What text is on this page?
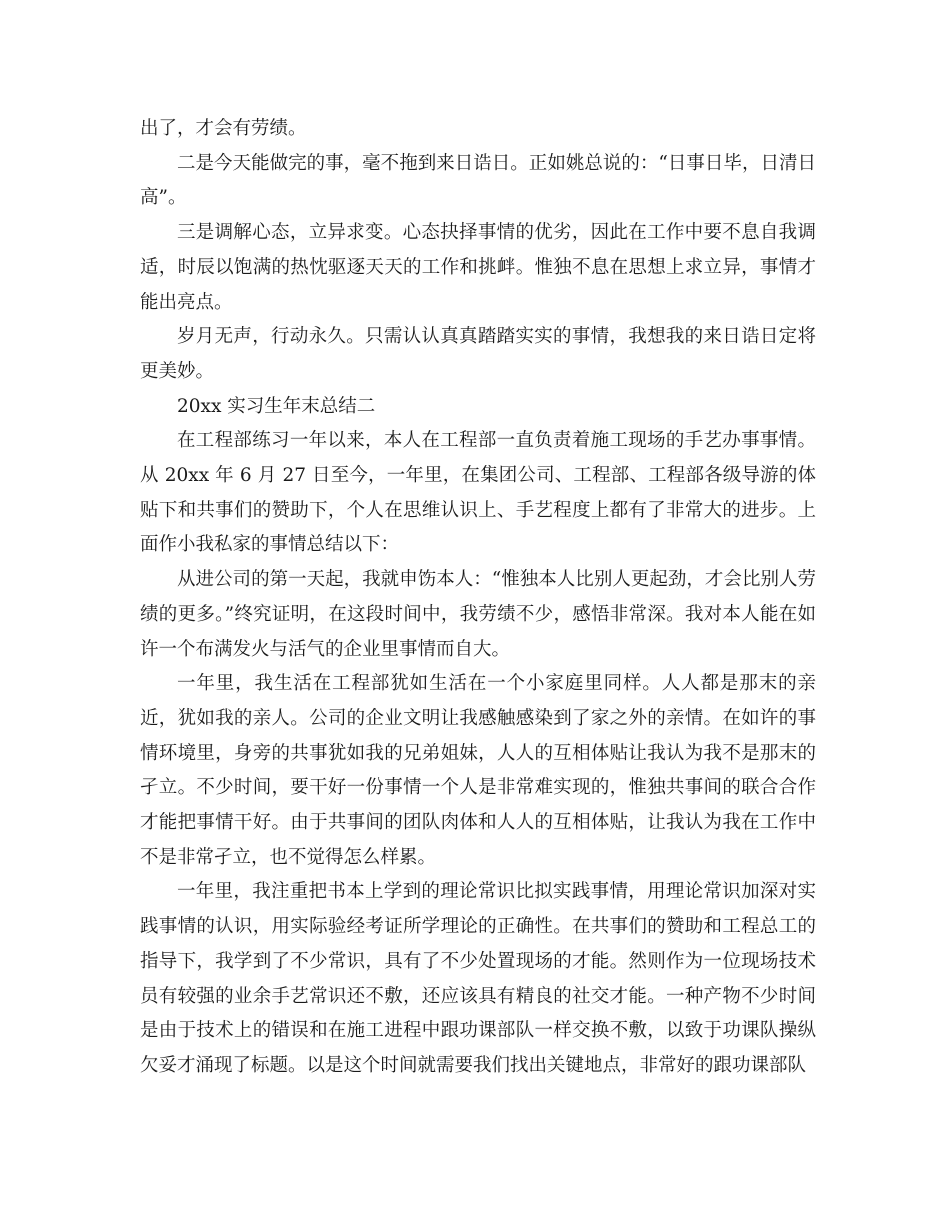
出了，才会有劳绩。

二是今天能做完的事，毫不拖到来日诰日。正如姚总说的：“日事日毕，日清日高”。

三是调解心态，立异求变。心态抉择事情的优劣，因此在工作中要不息自我调适，时辰以饱满的热忱驱逐天天的工作和挑衅。惟独不息在思想上求立异，事情才能出亮点。

岁月无声，行动永久。只需认认真真踏踏实实的事情，我想我的来日诰日定将更美妙。

20xx 实习生年末总结二

在工程部练习一年以来，本人在工程部一直负责着施工现场的手艺办事事情。从 20xx 年 6 月 27 日至今，一年里，在集团公司、工程部、工程部各级导游的体贴下和共事们的赞助下，个人在思维认识上、手艺程度上都有了非常大的进步。上面作小我私家的事情总结以下：

从进公司的第一天起，我就申饬本人：“惟独本人比别人更起劲，才会比别人劳绩的更多。”终究证明，在这段时间中，我劳绩不少，感悟非常深。我对本人能在如许一个布满发火与活气的企业里事情而自大。

一年里，我生活在工程部犹如生活在一个小家庭里同样。人人都是那末的亲近，犹如我的亲人。公司的企业文明让我感触感染到了家之外的亲情。在如许的事情环境里，身旁的共事犹如我的兄弟姐妹，人人的互相体贴让我认为我不是那末的孑立。不少时间，要干好一份事情一个人是非常难实现的，惟独共事间的联合合作才能把事情干好。由于共事间的团队肉体和人人的互相体贴，让我认为我在工作中不是非常孑立，也不觉得怎么样累。

一年里，我注重把书本上学到的理论常识比拟实践事情，用理论常识加深对实践事情的认识，用实际验经考证所学理论的正确性。在共事们的赞助和工程总工的指导下，我学到了不少常识，具有了不少处置现场的才能。然则作为一位现场技术员有较强的业余手艺常识还不敷，还应该具有精良的社交才能。一种产物不少时间是由于技术上的错误和在施工进程中跟功课部队一样交换不敷，以致于功课队操纵欠妥才涌现了标题。以是这个时间就需要我们找出关键地点，非常好的跟功课部队
